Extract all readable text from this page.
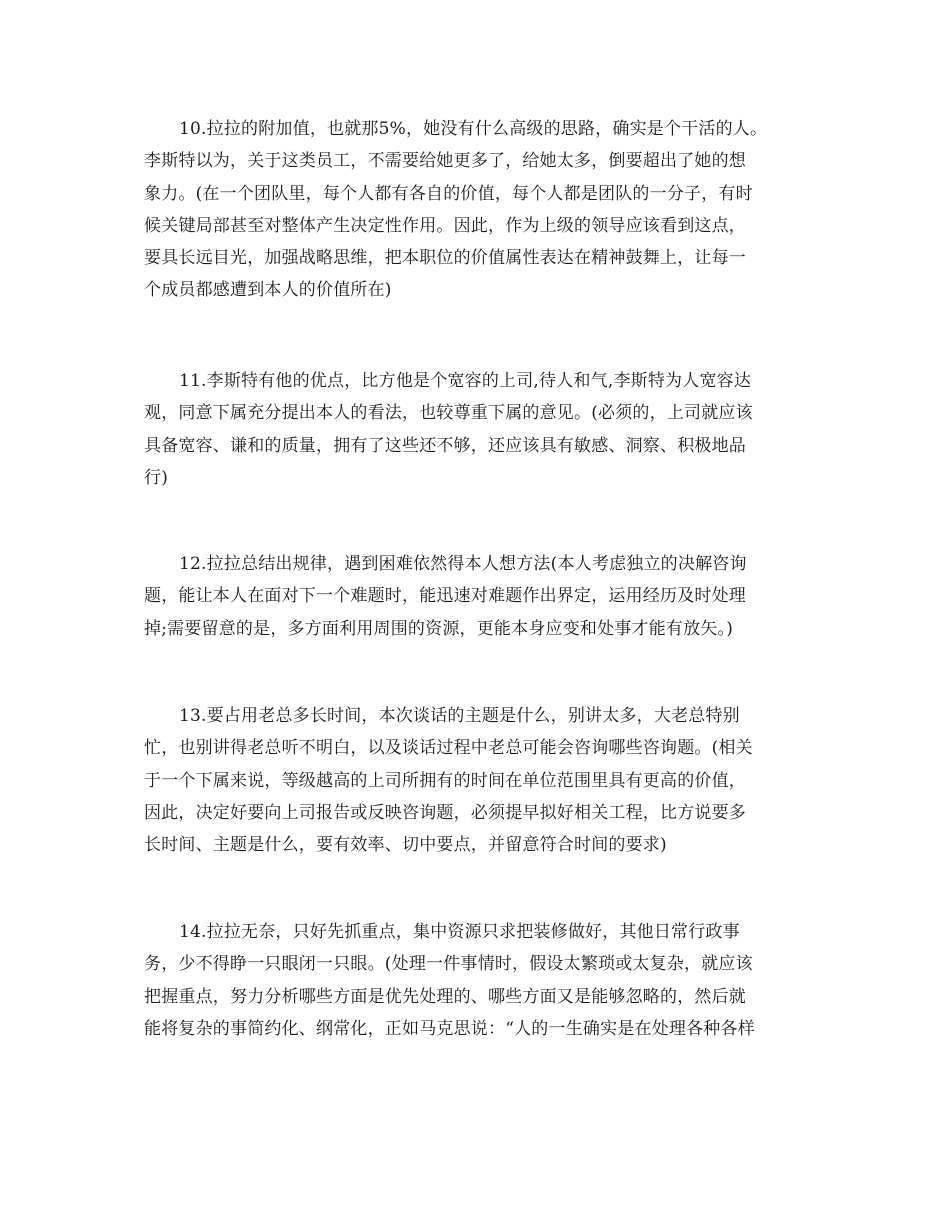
10.拉拉的附加值，也就那5%，她没有什么高级的思路，确实是个干活的人。
李斯特以为，关于这类员工，不需要给她更多了，给她太多，倒要超出了她的想
象力。(在一个团队里，每个人都有各自的价值，每个人都是团队的一分子，有时
候关键局部甚至对整体产生决定性作用。因此，作为上级的领导应该看到这点，
要具长远目光，加强战略思维，把本职位的价值属性表达在精神鼓舞上，让每一
个成员都感遭到本人的价值所在)
11.李斯特有他的优点，比方他是个宽容的上司,待人和气,李斯特为人宽容达
观，同意下属充分提出本人的看法，也较尊重下属的意见。(必须的，上司就应该
具备宽容、谦和的质量，拥有了这些还不够，还应该具有敏感、洞察、积极地品
行)
12.拉拉总结出规律，遇到困难依然得本人想方法(本人考虑独立的决解咨询
题，能让本人在面对下一个难题时，能迅速对难题作出界定，运用经历及时处理
掉;需要留意的是，多方面利用周围的资源，更能本身应变和处事才能有放矢。)
13.要占用老总多长时间，本次谈话的主题是什么，别讲太多，大老总特别
忙，也别讲得老总听不明白，以及谈话过程中老总可能会咨询哪些咨询题。(相关
于一个下属来说，等级越高的上司所拥有的时间在单位范围里具有更高的价值，
因此，决定好要向上司报告或反映咨询题，必须提早拟好相关工程，比方说要多
长时间、主题是什么，要有效率、切中要点，并留意符合时间的要求)
14.拉拉无奈，只好先抓重点，集中资源只求把装修做好，其他日常行政事
务，少不得睁一只眼闭一只眼。(处理一件事情时，假设太繁琐或太复杂，就应该
把握重点，努力分析哪些方面是优先处理的、哪些方面又是能够忽略的，然后就
能将复杂的事简约化、纲常化，正如马克思说：“人的一生确实是在处理各种各样
